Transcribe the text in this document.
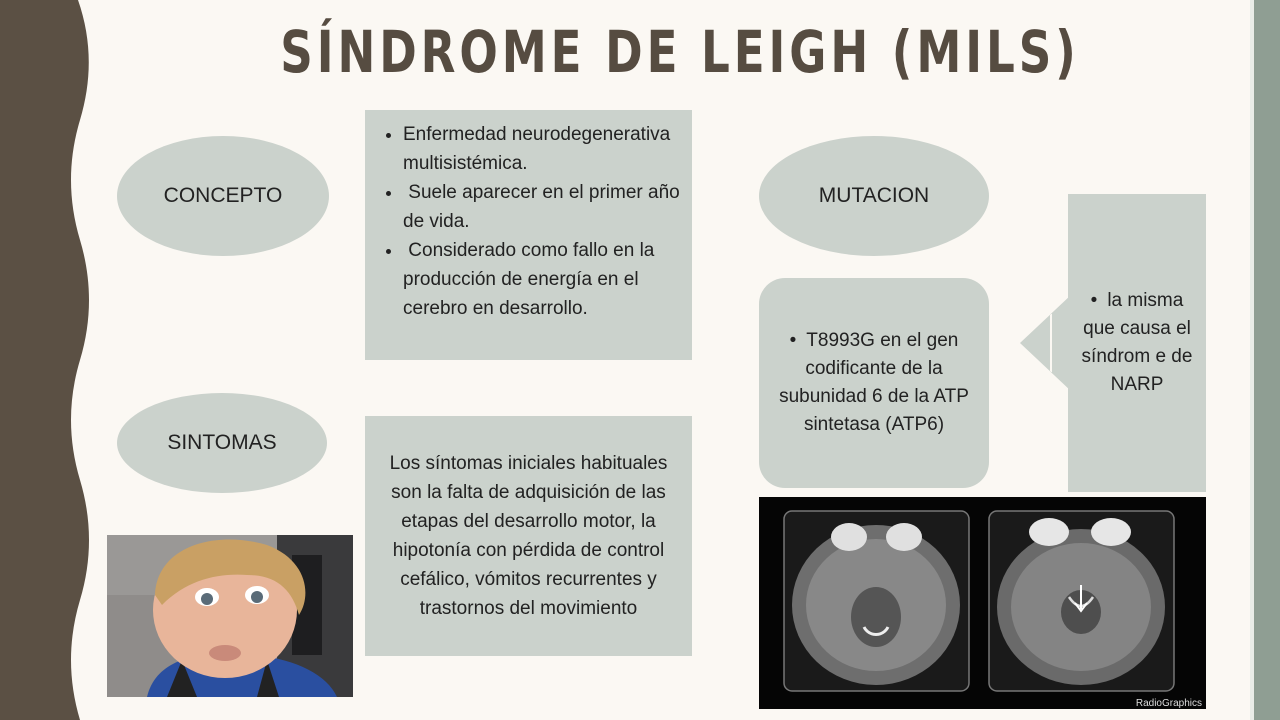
SÍNDROME DE LEIGH (MILS)
CONCEPTO
• Enfermedad neurodegenerativa multisistémica.
•  Suele aparecer en el primer año de vida.
•  Considerado como fallo en la producción de energía en el cerebro en desarrollo.
SINTOMAS
Los síntomas iniciales habituales son la falta de adquisición de las etapas del desarrollo motor, la hipotonía con pérdida de control cefálico, vómitos recurrentes y trastornos del movimiento
MUTACION
• T8993G en el gen codificante de la subunidad 6 de la ATP sintetasa (ATP6)
• la misma que causa el síndrom e de NARP
RadioGraphics
